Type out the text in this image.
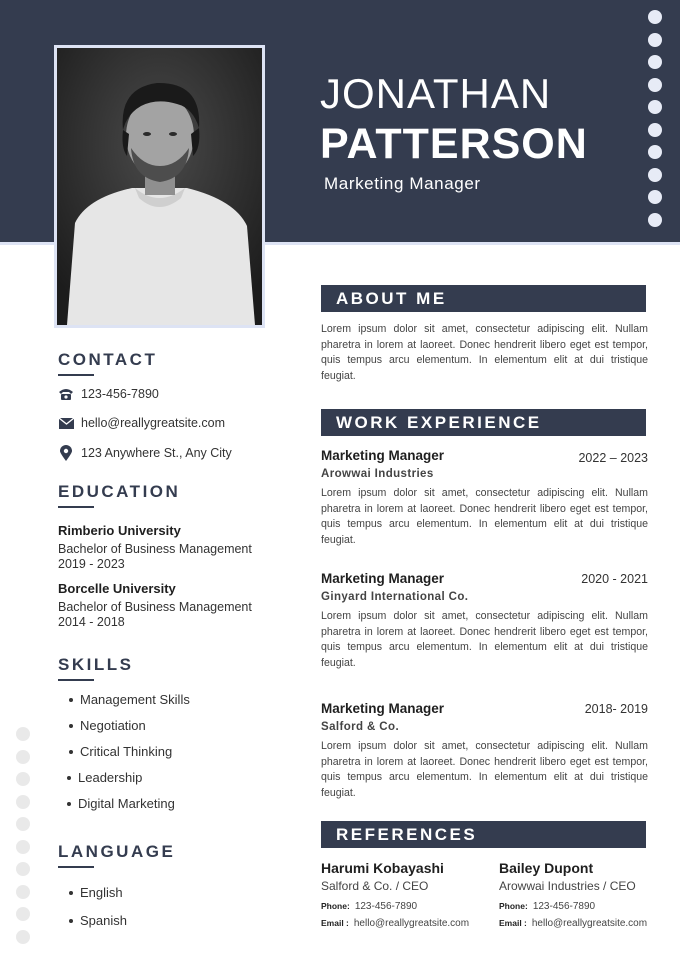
JONATHAN
PATTERSON
Marketing Manager
CONTACT
123-456-7890
hello@reallygreatsite.com
123 Anywhere St., Any City
EDUCATION
Rimberio University
Bachelor of Business Management
2019 - 2023
Borcelle University
Bachelor of Business Management
2014 - 2018
SKILLS
Management Skills
Negotiation
Critical Thinking
Leadership
Digital Marketing
LANGUAGE
English
Spanish
ABOUT ME
Lorem ipsum dolor sit amet, consectetur adipiscing elit. Nullam pharetra in lorem at laoreet. Donec hendrerit libero eget est tempor, quis tempus arcu elementum. In elementum elit at dui tristique feugiat.
WORK EXPERIENCE
Marketing Manager	2022 – 2023
Arowwai Industries
Lorem ipsum dolor sit amet, consectetur adipiscing elit. Nullam pharetra in lorem at laoreet. Donec hendrerit libero eget est tempor, quis tempus arcu elementum. In elementum elit at dui tristique feugiat.
Marketing Manager	2020 - 2021
Ginyard International Co.
Lorem ipsum dolor sit amet, consectetur adipiscing elit. Nullam pharetra in lorem at laoreet. Donec hendrerit libero eget est tempor, quis tempus arcu elementum. In elementum elit at dui tristique feugiat.
Marketing Manager	2018- 2019
Salford & Co.
Lorem ipsum dolor sit amet, consectetur adipiscing elit. Nullam pharetra in lorem at laoreet. Donec hendrerit libero eget est tempor, quis tempus arcu elementum. In elementum elit at dui tristique feugiat.
REFERENCES
Harumi Kobayashi
Salford & Co. / CEO
Phone: 123-456-7890
Email : hello@reallygreatsite.com
Bailey Dupont
Arowwai Industries / CEO
Phone: 123-456-7890
Email : hello@reallygreatsite.com
